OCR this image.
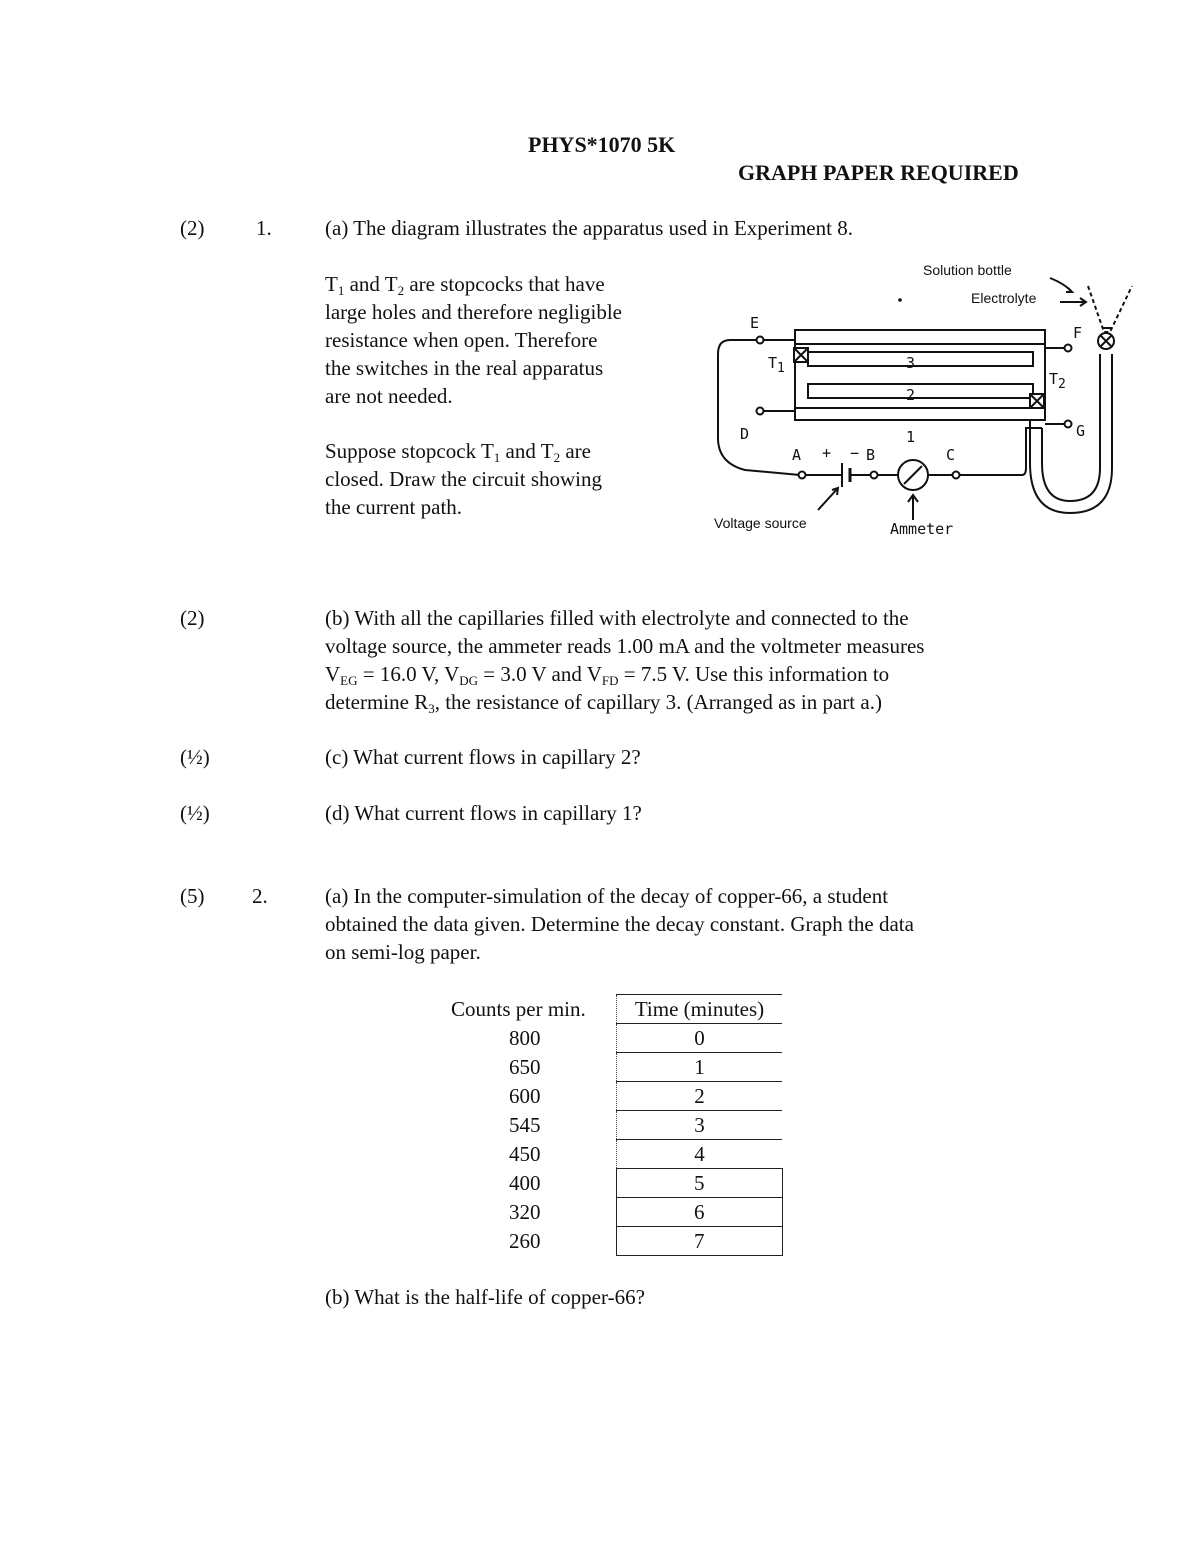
PHYS*1070 5K
GRAPH PAPER REQUIRED
(2) 1.	(a) The diagram illustrates the apparatus used in Experiment 8.
$T_1$ and $T_2$ are stopcocks that have
large holes and therefore negligible
resistance when open. Therefore
the switches in the real apparatus
are not needed.
Suppose stopcock $T_1$ and $T_2$ are
closed. Draw the circuit showing
the current path.
Solution bottle
Electrolyte
E
F
$T_1$
$T_2$
3
2
1
D	G
A + − B	C
Voltage source	Ammeter
(2)	(b) With all the capillaries filled with electrolyte and connected to the
voltage source, the ammeter reads 1.00 mA and the voltmeter measures
$V_{EG} = 16.0$ V, $V_{DG} = 3.0$ V and $V_{FD} = 7.5$ V. Use this information to
determine $R_3$, the resistance of capillary 3. (Arranged as in part a.)
(½)	(c) What current flows in capillary 2?
(½)	(d) What current flows in capillary 1?
(5) 2.	(a) In the computer-simulation of the decay of copper-66, a student
obtained the data given. Determine the decay constant. Graph the data
on semi-log paper.
Counts per min.	Time (minutes)
800	0
650	1
600	2
545	3
450	4
400	5
320	6
260	7
(b) What is the half-life of copper-66?
